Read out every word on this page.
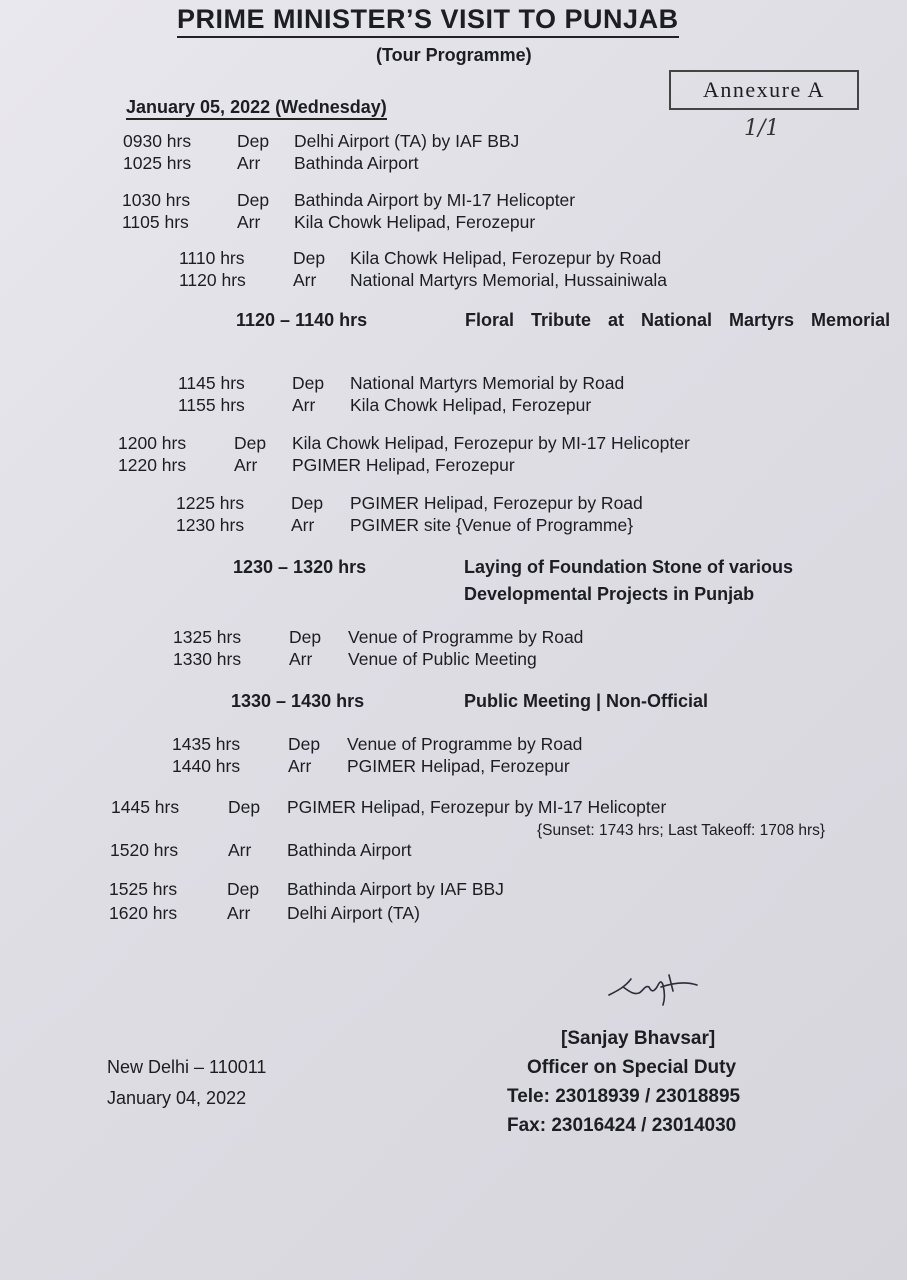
PRIME MINISTER’S VISIT TO PUNJAB
(Tour Programme)
Annexure A
1/1
January 05, 2022 (Wednesday)
0930 hrs	Dep Delhi Airport (TA) by IAF BBJ
1025 hrs	Arr Bathinda Airport
1030 hrs	Dep Bathinda Airport by MI-17 Helicopter
1105 hrs	Arr Kila Chowk Helipad, Ferozepur
1110 hrs	Dep Kila Chowk Helipad, Ferozepur by Road
1120 hrs	Arr National Martyrs Memorial, Hussainiwala
1120 – 1140 hrs	Floral Tribute at National Martyrs Memorial
1145 hrs	Dep National Martyrs Memorial by Road
1155 hrs	Arr Kila Chowk Helipad, Ferozepur
1200 hrs	Dep Kila Chowk Helipad, Ferozepur by MI-17 Helicopter
1220 hrs	Arr PGIMER Helipad, Ferozepur
1225 hrs	Dep PGIMER Helipad, Ferozepur by Road
1230 hrs	Arr PGIMER site {Venue of Programme}
1230 – 1320 hrs	Laying of Foundation Stone of various Developmental Projects in Punjab
1325 hrs	Dep Venue of Programme by Road
1330 hrs	Arr Venue of Public Meeting
1330 – 1430 hrs	Public Meeting | Non-Official
1435 hrs	Dep Venue of Programme by Road
1440 hrs	Arr PGIMER Helipad, Ferozepur
1445 hrs	Dep PGIMER Helipad, Ferozepur by MI-17 Helicopter
{Sunset: 1743 hrs; Last Takeoff: 1708 hrs}
1520 hrs	Arr Bathinda Airport
1525 hrs	Dep Bathinda Airport by IAF BBJ
1620 hrs	Arr Delhi Airport (TA)
[Sanjay Bhavsar]
Officer on Special Duty
Tele: 23018939 / 23018895
Fax: 23016424 / 23014030
New Delhi – 110011
January 04, 2022
